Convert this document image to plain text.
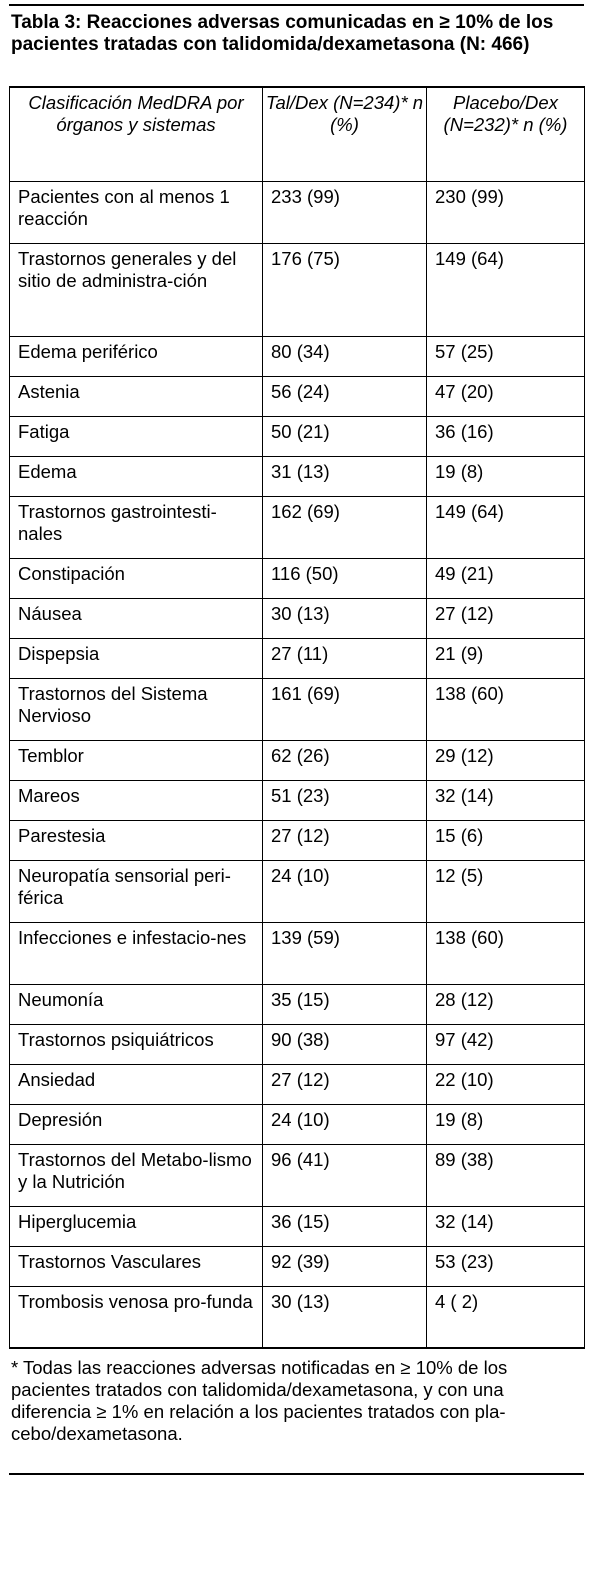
Tabla 3: Reacciones adversas comunicadas en ≥ 10% de los pacientes tratadas con talidomida/dexametasona (N: 466)
Clasificación MedDRA por órganos y sistemas	Tal/Dex (N=234)* n (%)	Placebo/Dex (N=232)* n (%)
Pacientes con al menos 1 reacción	233 (99)	230 (99)
Trastornos generales y del sitio de administra-ción	176 (75)	149 (64)
Edema periférico	80 (34)	57 (25)
Astenia	56 (24)	47 (20)
Fatiga	50 (21)	36 (16)
Edema	31 (13)	19 (8)
Trastornos gastrointesti-nales	162 (69)	149 (64)
Constipación	116 (50)	49 (21)
Náusea	30 (13)	27 (12)
Dispepsia	27 (11)	21 (9)
Trastornos del Sistema Nervioso	161 (69)	138 (60)
Temblor	62 (26)	29 (12)
Mareos	51 (23)	32 (14)
Parestesia	27 (12)	15 (6)
Neuropatía sensorial peri-férica	24 (10)	12 (5)
Infecciones e infestacio-nes	139 (59)	138 (60)
Neumonía	35 (15)	28 (12)
Trastornos psiquiátricos	90 (38)	97 (42)
Ansiedad	27 (12)	22 (10)
Depresión	24 (10)	19 (8)
Trastornos del Metabo-lismo y la Nutrición	96 (41)	89 (38)
Hiperglucemia	36 (15)	32 (14)
Trastornos Vasculares	92 (39)	53 (23)
Trombosis venosa pro-funda	30 (13)	4 ( 2)
* Todas las reacciones adversas notificadas en ≥ 10% de los pacientes tratados con talidomida/dexametasona, y con una diferencia ≥ 1% en relación a los pacientes tratados con pla-cebo/dexametasona.
